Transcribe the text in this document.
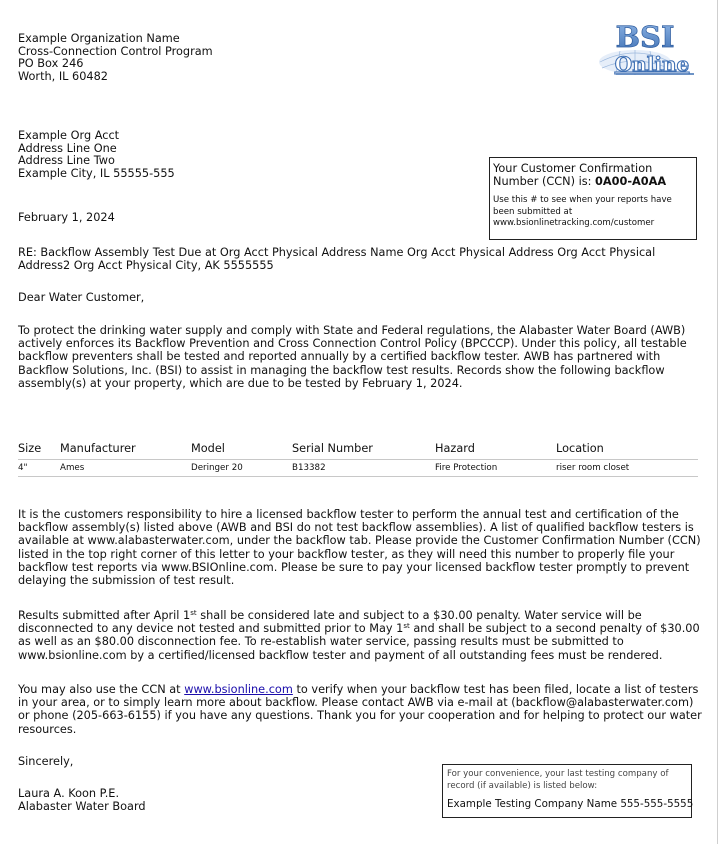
Example Organization Name
Cross-Connection Control Program
PO Box 246
Worth, IL 60482
BSI
Online
Example Org Acct
Address Line One
Address Line Two
Example City, IL 55555-555	Your Customer Confirmation Number (CCN) is: 0A00-A0AA
Use this # to see when your reports have been submitted at
www.bsionlinetracking.com/customer
February 1, 2024
RE: Backflow Assembly Test Due at Org Acct Physical Address Name Org Acct Physical Address Org Acct Physical Address2 Org Acct Physical City, AK 5555555
Dear Water Customer,
To protect the drinking water supply and comply with State and Federal regulations, the Alabaster Water Board (AWB) actively enforces its Backflow Prevention and Cross Connection Control Policy (BPCCCP). Under this policy, all testable backflow preventers shall be tested and reported annually by a certified backflow tester. AWB has partnered with Backflow Solutions, Inc. (BSI) to assist in managing the backflow test results. Records show the following backflow assembly(s) at your property, which are due to be tested by February 1, 2024.
Size Manufacturer	Model	Serial Number	Hazard	Location
4"	Ames	Deringer 20	B13382	Fire Protection	riser room closet
It is the customers responsibility to hire a licensed backflow tester to perform the annual test and certification of the backflow assembly(s) listed above (AWB and BSI do not test backflow assemblies). A list of qualified backflow testers is available at www.alabasterwater.com, under the backflow tab. Please provide the Customer Confirmation Number (CCN) listed in the top right corner of this letter to your backflow tester, as they will need this number to properly file your backflow test reports via www.BSIOnline.com. Please be sure to pay your licensed backflow tester promptly to prevent delaying the submission of test result.
Results submitted after April 1st shall be considered late and subject to a $30.00 penalty. Water service will be disconnected to any device not tested and submitted prior to May 1st and shall be subject to a second penalty of $30.00 as well as an $80.00 disconnection fee. To re-establish water service, passing results must be submitted to www.bsionline.com by a certified/licensed backflow tester and payment of all outstanding fees must be rendered.
You may also use the CCN at www.bsionline.com to verify when your backflow test has been filed, locate a list of testers in your area, or to simply learn more about backflow. Please contact AWB via e-mail at (backflow@alabasterwater.com) or phone (205-663-6155) if you have any questions. Thank you for your cooperation and for helping to protect our water resources.
Sincerely,
Laura A. Koon P.E.
Alabaster Water Board
For your convenience, your last testing company of record (if available) is listed below:
Example Testing Company Name 555-555-5555
